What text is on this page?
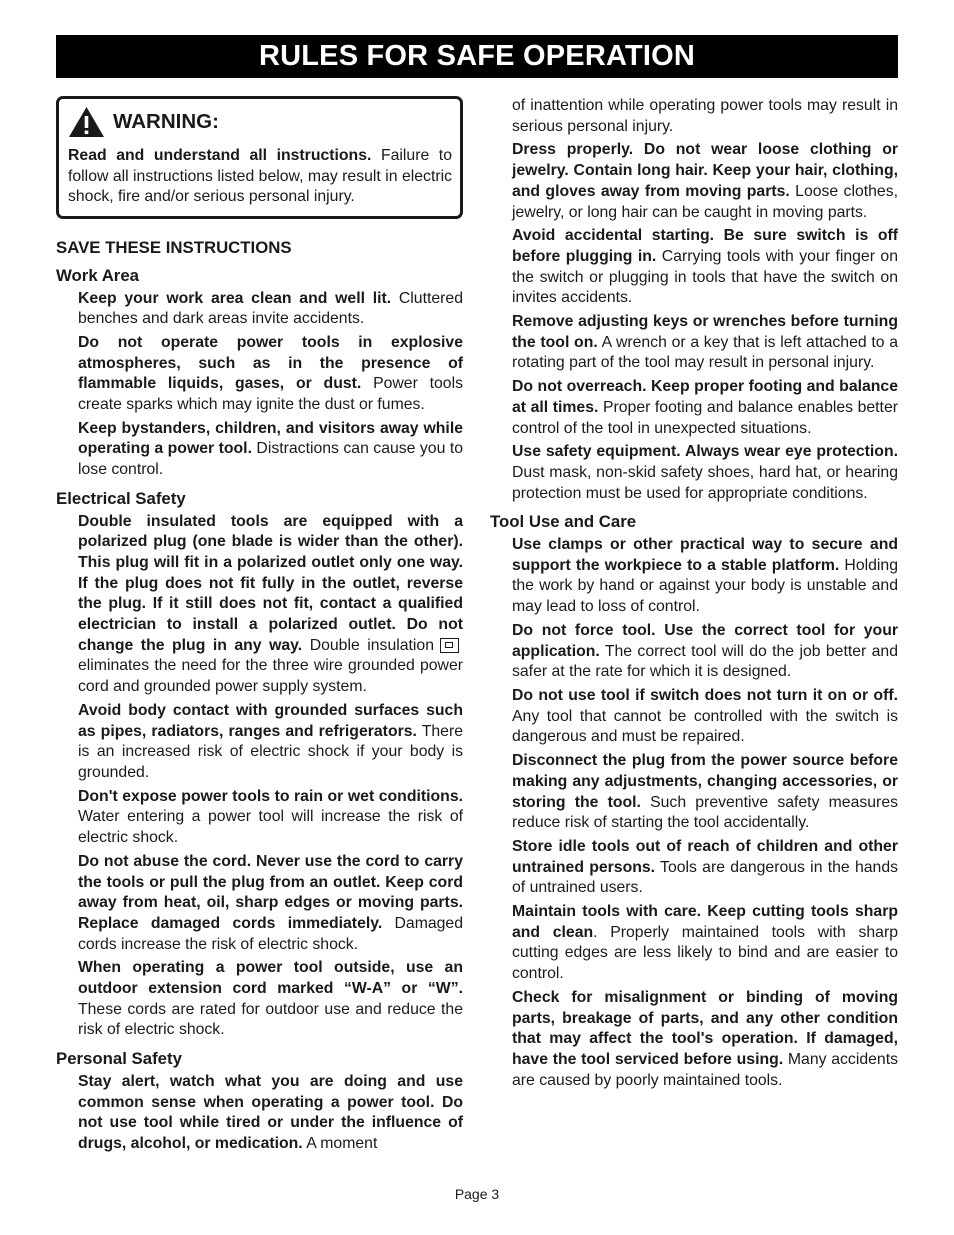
RULES FOR SAFE OPERATION
WARNING:
Read and understand all instructions. Failure to follow all instructions listed below, may result in electric shock, fire and/or serious personal injury.
SAVE THESE INSTRUCTIONS
Work Area

Keep your work area clean and well lit. Cluttered benches and dark areas invite accidents.

Do not operate power tools in explosive atmospheres, such as in the presence of flammable liquids, gases, or dust. Power tools create sparks which may ignite the dust or fumes.

Keep bystanders, children, and visitors away while operating a power tool. Distractions can cause you to lose control.

Electrical Safety

Double insulated tools are equipped with a polarized plug (one blade is wider than the other). This plug will fit in a polarized outlet only one way. If the plug does not fit fully in the outlet, reverse the plug. If it still does not fit, contact a qualified electrician to install a polarized outlet. Do not change the plug in any way. Double insulationeliminates the need for the three wire grounded power cord and grounded power supply system.

Avoid body contact with grounded surfaces such as pipes, radiators, ranges and refrigerators. There is an increased risk of electric shock if your body is grounded.

Don't expose power tools to rain or wet conditions. Water entering a power tool will increase the risk of electric shock.

Do not abuse the cord. Never use the cord to carry the tools or pull the plug from an outlet. Keep cord away from heat, oil, sharp edges or moving parts. Replace damaged cords immediately. Damaged cords increase the risk of electric shock.

When operating a power tool outside, use an outdoor extension cord marked “W-A” or “W”. These cords are rated for outdoor use and reduce the risk of electric shock.

Personal Safety

Stay alert, watch what you are doing and use common sense when operating a power tool. Do not use tool while tired or under the influence of drugs, alcohol, or medication. A moment

of inattention while operating power tools may result in serious personal injury.

Dress properly. Do not wear loose clothing or jewelry. Contain long hair. Keep your hair, clothing, and gloves away from moving parts. Loose clothes, jewelry, or long hair can be caught in moving parts.

Avoid accidental starting. Be sure switch is off before plugging in. Carrying tools with your finger on the switch or plugging in tools that have the switch on invites accidents.

Remove adjusting keys or wrenches before turning the tool on. A wrench or a key that is left attached to a rotating part of the tool may result in personal injury.

Do not overreach. Keep proper footing and balance at all times. Proper footing and balance enables better control of the tool in unexpected situations.

Use safety equipment. Always wear eye protection. Dust mask, non-skid safety shoes, hard hat, or hearing protection must be used for appropriate conditions.

Tool Use and Care

Use clamps or other practical way to secure and support the workpiece to a stable platform. Holding the work by hand or against your body is unstable and may lead to loss of control.

Do not force tool. Use the correct tool for your application. The correct tool will do the job better and safer at the rate for which it is designed.

Do not use tool if switch does not turn it on or off. Any tool that cannot be controlled with the switch is dangerous and must be repaired.

Disconnect the plug from the power source before making any adjustments, changing accessories, or storing the tool. Such preventive safety measures reduce risk of starting the tool accidentally.

Store idle tools out of reach of children and other untrained persons. Tools are dangerous in the hands of untrained users.

Maintain tools with care. Keep cutting tools sharp and clean. Properly maintained tools with sharp cutting edges are less likely to bind and are easier to control.

Check for misalignment or binding of moving parts, breakage of parts, and any other condition that may affect the tool's operation. If damaged, have the tool serviced before using. Many accidents are caused by poorly maintained tools.

Page 3
